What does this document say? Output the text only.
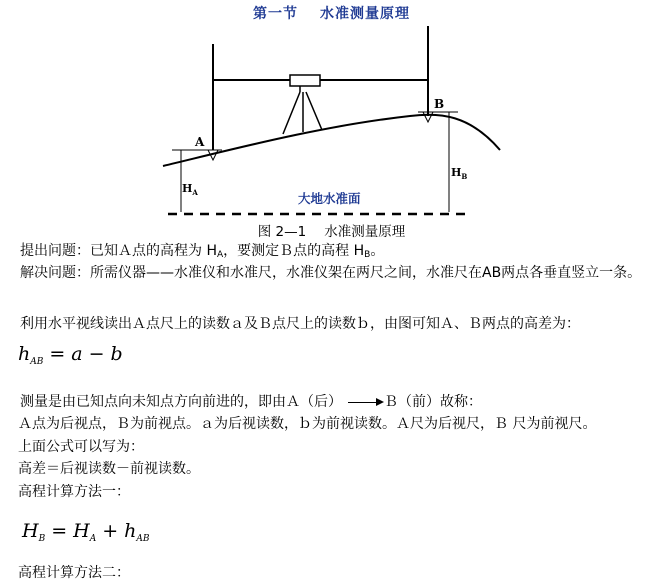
第一节 水准测量原理
A
B
$H_A$
$H_B$
大地水准面
图 2—1 水准测量原理
提出问题：已知Ａ点的高程为 $H_A$，要测定Ｂ点的高程 $H_B$。
解决问题：所需仪器——水准仪和水准尺，水准仪架在两尺之间，水准尺在AB两点各垂直竖立一条。
利用水平视线读出Ａ点尺上的读数ａ及Ｂ点尺上的读数ｂ，由图可知Ａ、Ｂ两点的高差为：
$h_{AB} = a - b$
测量是由已知点向未知点方向前进的，即由Ａ（后）	Ｂ（前）故称：
Ａ点为后视点，Ｂ为前视点。ａ为后视读数，ｂ为前视读数。Ａ尺为后视尺，Ｂ 尺为前视尺。
上面公式可以写为：
高差＝后视读数－前视读数。
高程计算方法一：
$H_B = H_A + h_{AB}$
高程计算方法二：
